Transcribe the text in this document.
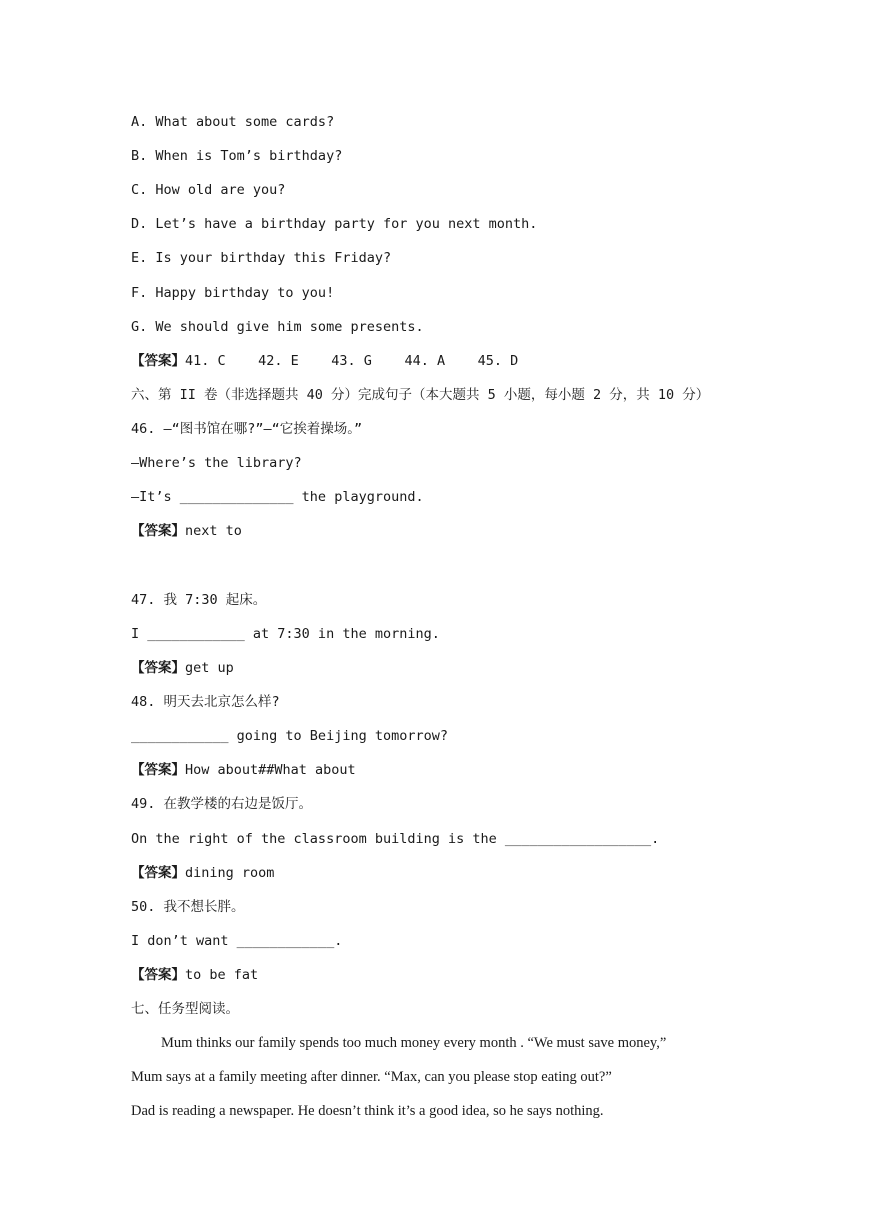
A. What about some cards?
B. When is Tom’s birthday?
C. How old are you?
D. Let’s have a birthday party for you next month.
E. Is your birthday this Friday?
F. Happy birthday to you!
G. We should give him some presents.
【答案】41. C    42. E    43. G    44. A    45. D
六、第 II 卷（非选择题共 40 分）完成句子（本大题共 5 小题，每小题 2 分，共 10 分）
46. —“图书馆在哪?”—“它挨着操场。”
—Where’s the library?
—It’s ______________ the playground.
【答案】next to
47. 我 7:30 起床。
I ____________ at 7:30 in the morning.
【答案】get up
48. 明天去北京怎么样?
____________ going to Beijing tomorrow?
【答案】How about##What about
49. 在教学楼的右边是饭厅。
On the right of the classroom building is the __________________.
【答案】dining room
50. 我不想长胖。
I don’t want ____________.
【答案】to be fat
七、任务型阅读。
Mum thinks our family spends too much money every month . “We must save money,”
Mum says at a family meeting after dinner. “Max, can you please stop eating out?”
Dad is reading a newspaper. He doesn’t think it’s a good idea, so he says nothing.
